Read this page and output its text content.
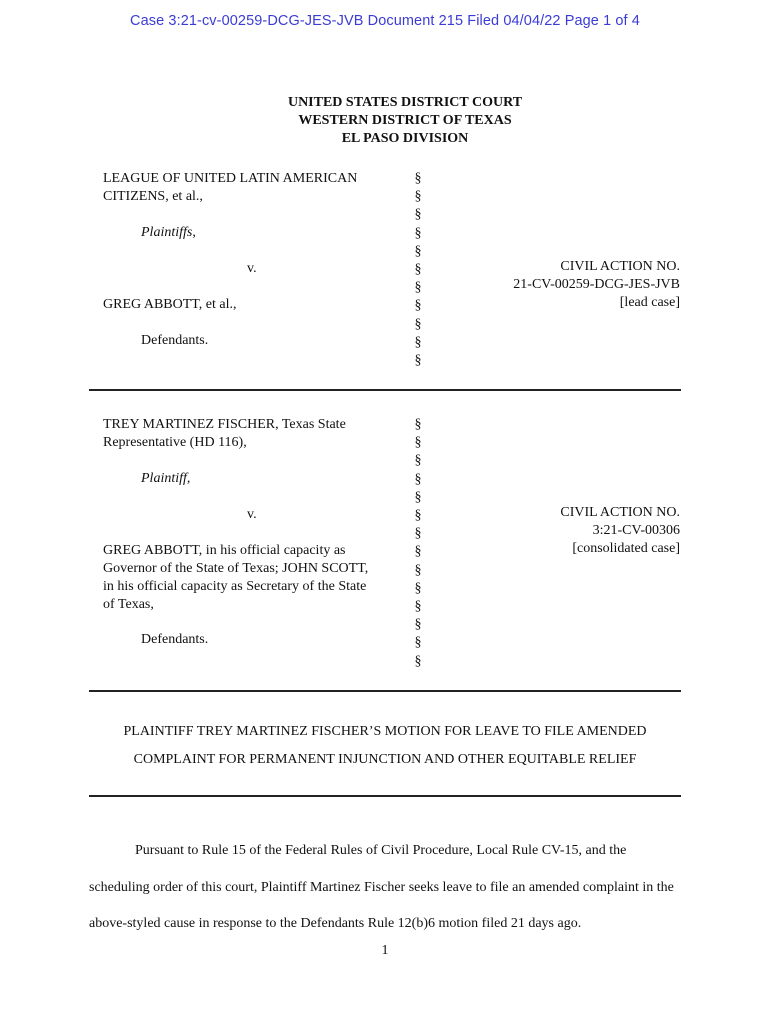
Case 3:21-cv-00259-DCG-JES-JVB Document 215 Filed 04/04/22 Page 1 of 4
UNITED STATES DISTRICT COURT
WESTERN DISTRICT OF TEXAS
EL PASO DIVISION
LEAGUE OF UNITED LATIN AMERICAN
CITIZENS, et al.,
Plaintiffs,
v.
GREG ABBOTT, et al.,
Defendants.
§
§
§
§
§
§
§
§
§
§
§
CIVIL ACTION NO.
21-CV-00259-DCG-JES-JVB
[lead case]
TREY MARTINEZ FISCHER, Texas State
Representative (HD 116),
Plaintiff,
v.
GREG ABBOTT, in his official capacity as
Governor of the State of Texas; JOHN SCOTT,
in his official capacity as Secretary of the State
of Texas,
Defendants.
§
§
§
§
§
§
§
§
§
§
§
§
§
§
CIVIL ACTION NO.
3:21-CV-00306
[consolidated case]
PLAINTIFF TREY MARTINEZ FISCHER’S MOTION FOR LEAVE TO FILE AMENDED
COMPLAINT FOR PERMANENT INJUNCTION AND OTHER EQUITABLE RELIEF

Pursuant to Rule 15 of the Federal Rules of Civil Procedure, Local Rule CV-15, and the scheduling order of this court, Plaintiff Martinez Fischer seeks leave to file an amended complaint in the above-styled cause in response to the Defendants Rule 12(b)6 motion filed 21 days ago.

1
